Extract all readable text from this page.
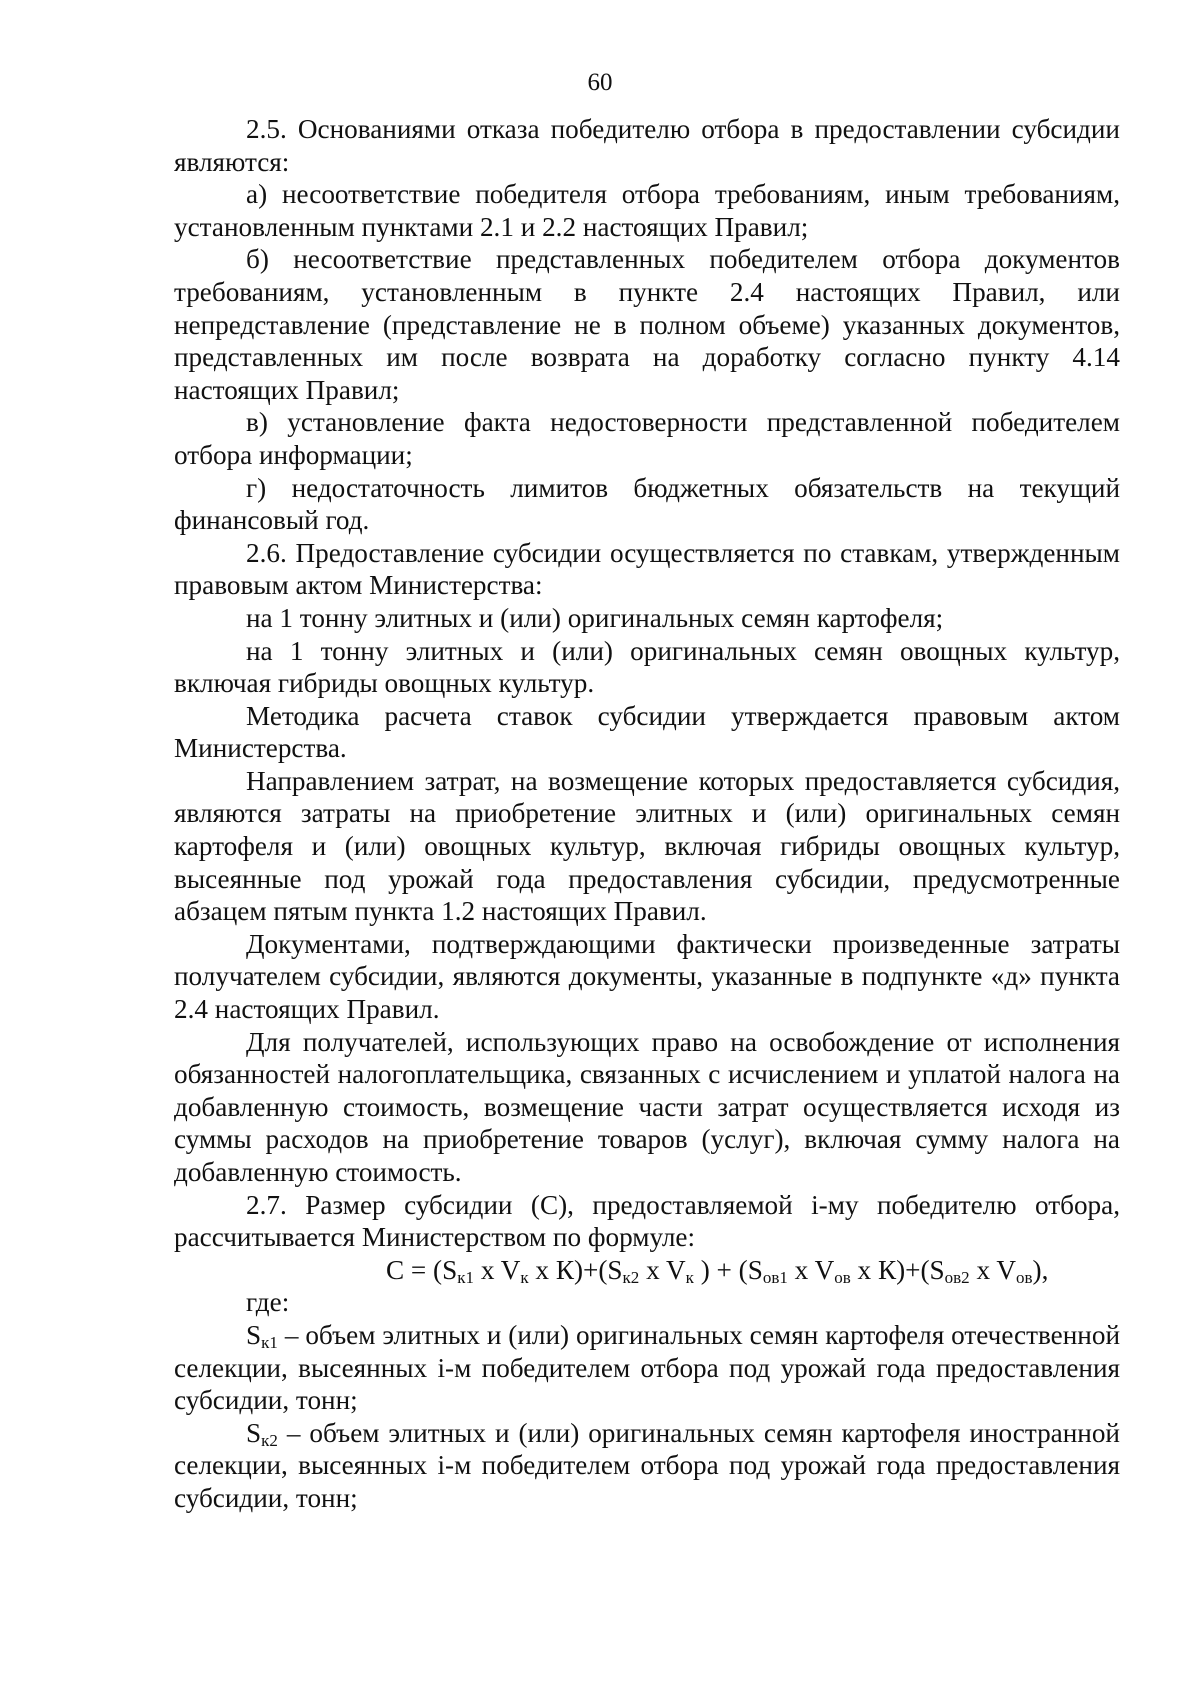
60

2.5. Основаниями отказа победителю отбора в предоставлении субсидии являются:

а) несоответствие победителя отбора требованиям, иным требованиям, установленным пунктами 2.1 и 2.2 настоящих Правил;

б) несоответствие представленных победителем отбора документов требованиям, установленным в пункте 2.4 настоящих Правил, или непредставление (представление не в полном объеме) указанных документов, представленных им после возврата на доработку согласно пункту 4.14 настоящих Правил;

в) установление факта недостоверности представленной победителем отбора информации;

г) недостаточность лимитов бюджетных обязательств на текущий финансовый год.

2.6. Предоставление субсидии осуществляется по ставкам, утвержденным правовым актом Министерства:

на 1 тонну элитных и (или) оригинальных семян картофеля;

на 1 тонну элитных и (или) оригинальных семян овощных культур, включая гибриды овощных культур.

Методика расчета ставок субсидии утверждается правовым актом Министерства.

Направлением затрат, на возмещение которых предоставляется субсидия, являются затраты на приобретение элитных и (или) оригинальных семян картофеля и (или) овощных культур, включая гибриды овощных культур, высеянные под урожай года предоставления субсидии, предусмотренные абзацем пятым пункта 1.2 настоящих Правил.

Документами, подтверждающими фактически произведенные затраты получателем субсидии, являются документы, указанные в подпункте «д» пункта 2.4 настоящих Правил.

Для получателей, использующих право на освобождение от исполнения обязанностей налогоплательщика, связанных с исчислением и уплатой налога на добавленную стоимость, возмещение части затрат осуществляется исходя из суммы расходов на приобретение товаров (услуг), включая сумму налога на добавленную стоимость.

2.7. Размер субсидии (С), предоставляемой i-му победителю отбора, рассчитывается Министерством по формуле:

$С = (S_{к1}$ x $V_к$ x $К)+(S_{к2}$ x $V_к$ ) + ($S_{ов1}$ x $V_{ов}$ x $К)+(S_{ов2}$ x $V_{ов}$),

где:

$S_{к1}$ – объем элитных и (или) оригинальных семян картофеля отечественной селекции, высеянных i-м победителем отбора под урожай года предоставления субсидии, тонн;

$S_{к2}$ – объем элитных и (или) оригинальных семян картофеля иностранной селекции, высеянных i-м победителем отбора под урожай года предоставления субсидии, тонн;
